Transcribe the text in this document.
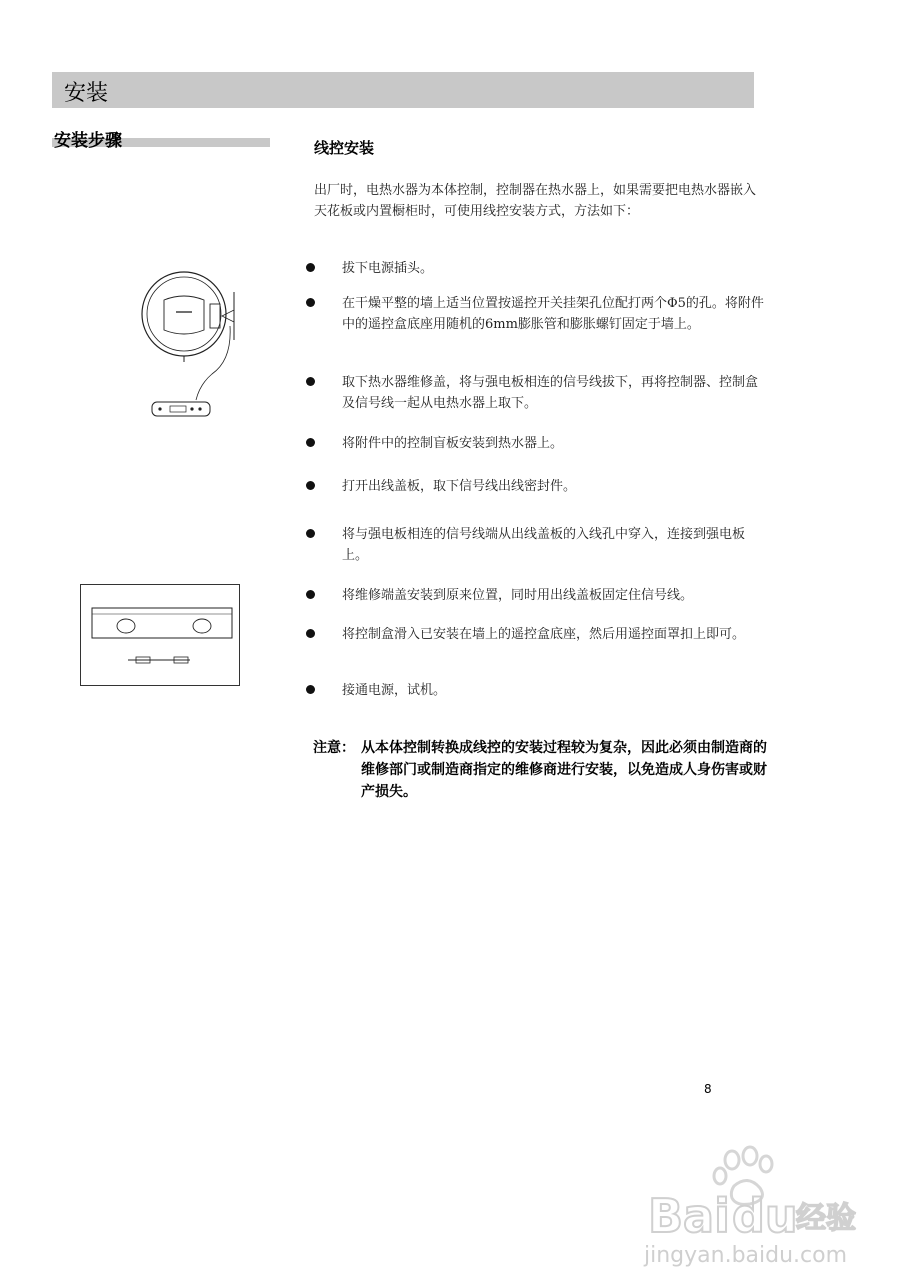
安装
安装步骤	线控安装
出厂时，电热水器为本体控制，控制器在热水器上，如果需要把电热水器嵌入天花板或内置橱柜时，可使用线控安装方式，方法如下：
拔下电源插头。
在干燥平整的墙上适当位置按遥控开关挂架孔位配打两个Φ5的孔。将附件中的遥控盒底座用随机的6mm膨胀管和膨胀螺钉固定于墙上。
取下热水器维修盖，将与强电板相连的信号线拔下，再将控制器、控制盒及信号线一起从电热水器上取下。
将附件中的控制盲板安装到热水器上。
打开出线盖板，取下信号线出线密封件。
将与强电板相连的信号线端从出线盖板的入线孔中穿入，连接到强电板上。
将维修端盖安装到原来位置，同时用出线盖板固定住信号线。
将控制盒滑入已安装在墙上的遥控盒底座，然后用遥控面罩扣上即可。
接通电源，试机。
注意： 从本体控制转换成线控的安装过程较为复杂，因此必须由制造商的维修部门或制造商指定的维修商进行安装，以免造成人身伤害或财产损失。
8
Bai du
经验
jingyan.baidu.com
